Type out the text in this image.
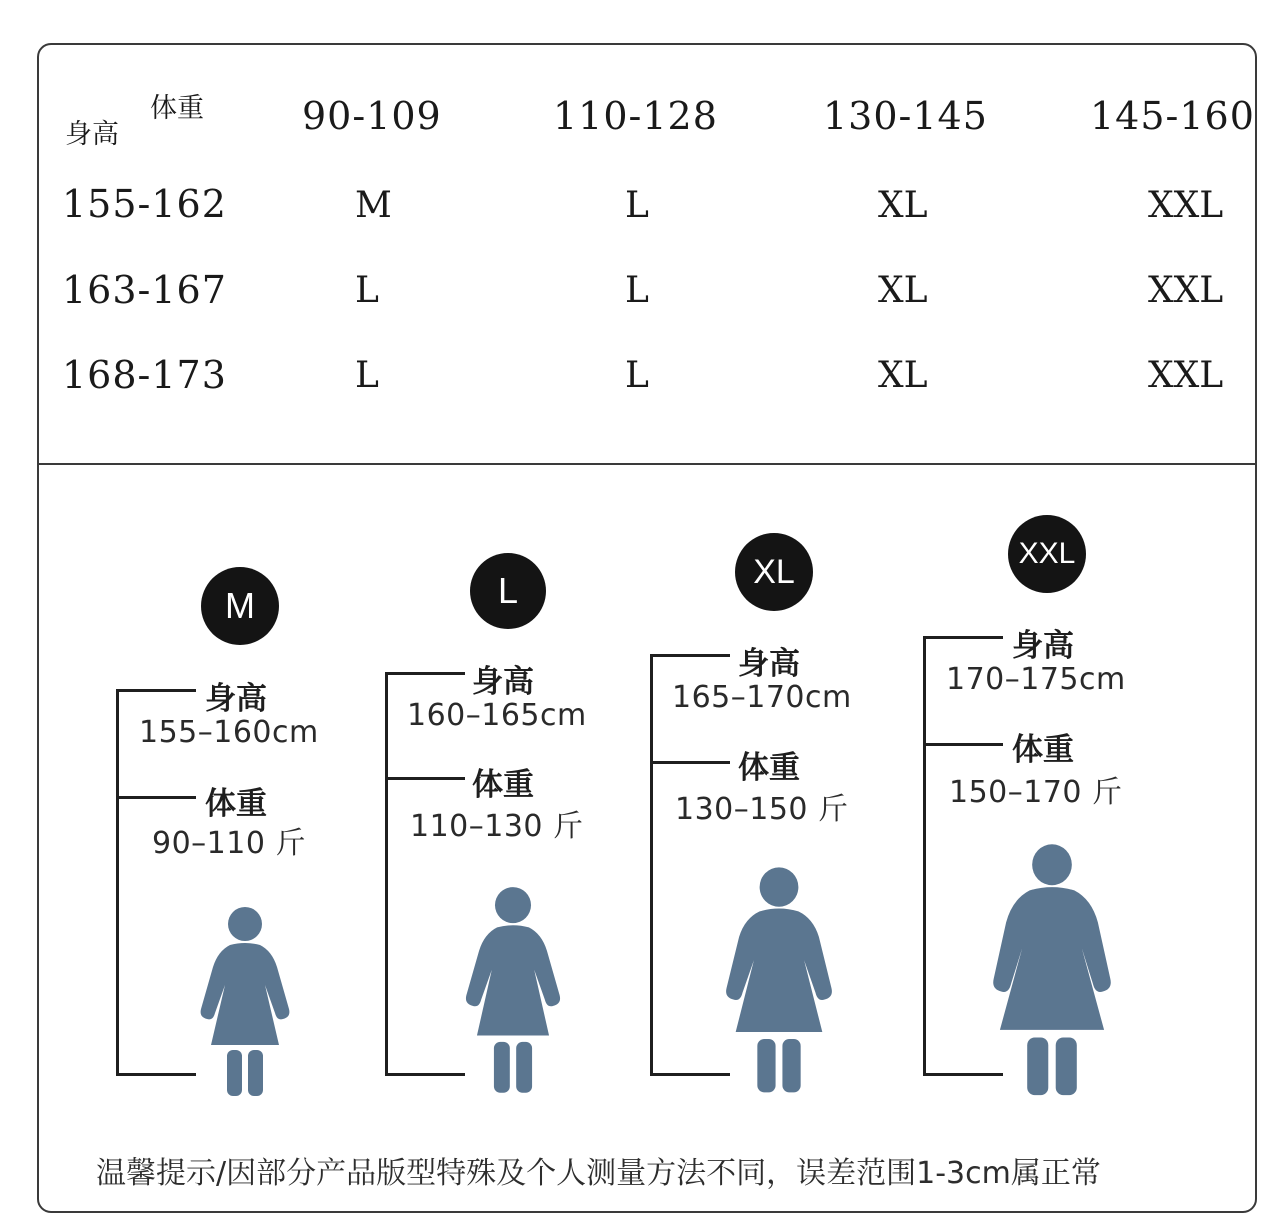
身高
体重	90-109	110-128	130-145	145-160
155-162	M	L	XL	XXL
163-167	L	L	XL	XXL
168-173	L	L	XL	XXL
M
身高
155–160cm
体重
90–110 斤
L
身高
160–165cm
体重
110–130 斤
XL
身高
165–170cm
体重
130–150 斤
XXL
身高
170–175cm
体重
150–170 斤
温馨提示/因部分产品版型特殊及个人测量方法不同，误差范围1-3cm属正常
